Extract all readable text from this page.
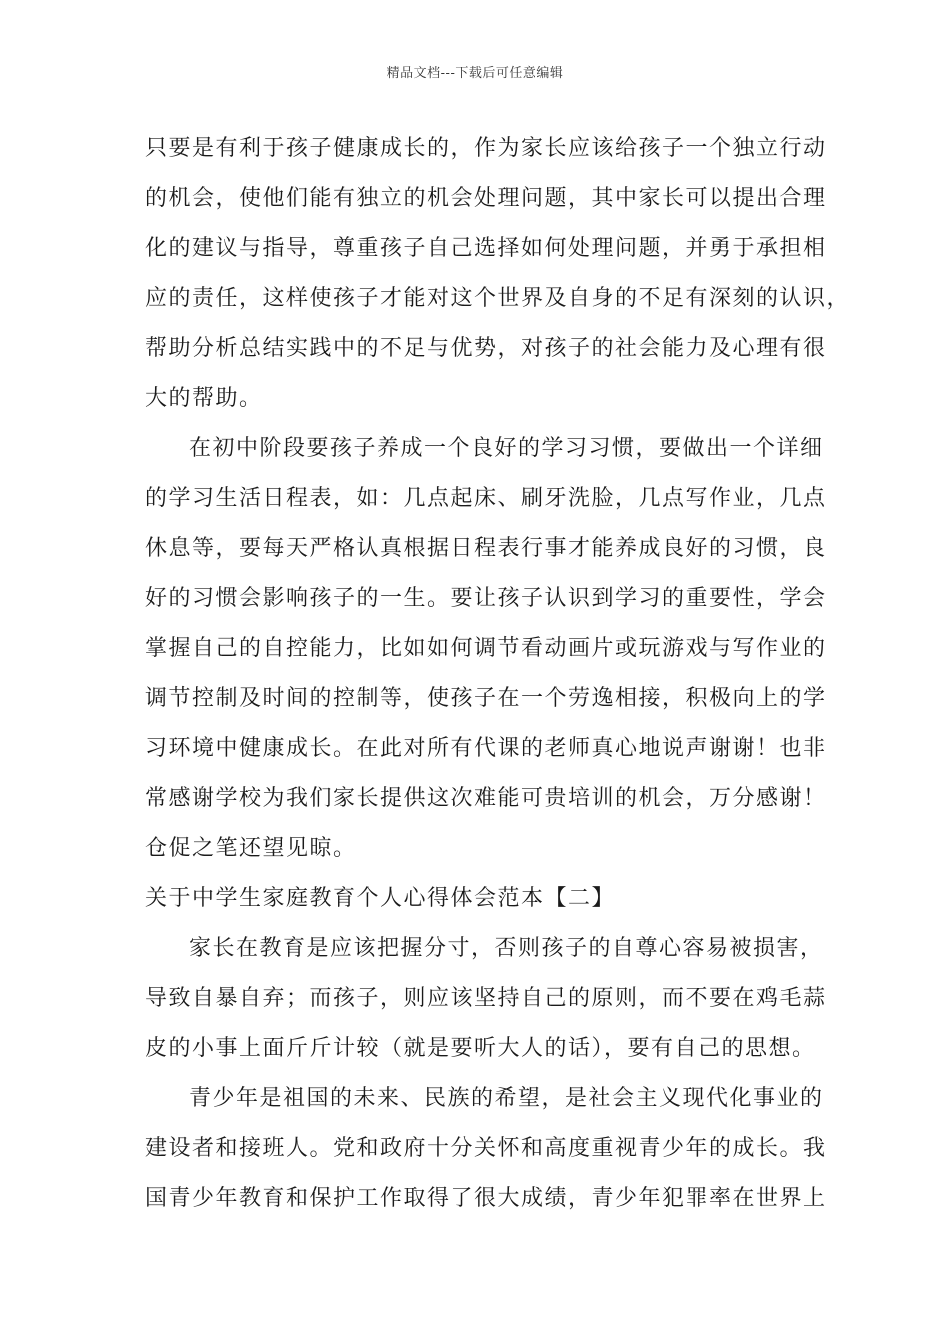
精品文档---下载后可任意编辑
只要是有利于孩子健康成长的，作为家长应该给孩子一个独立行动
的机会，使他们能有独立的机会处理问题，其中家长可以提出合理
化的建议与指导，尊重孩子自己选择如何处理问题，并勇于承担相
应的责任，这样使孩子才能对这个世界及自身的不足有深刻的认识，
帮助分析总结实践中的不足与优势，对孩子的社会能力及心理有很
大的帮助。
在初中阶段要孩子养成一个良好的学习习惯，要做出一个详细
的学习生活日程表，如：几点起床、刷牙洗脸，几点写作业，几点
休息等，要每天严格认真根据日程表行事才能养成良好的习惯，良
好的习惯会影响孩子的一生。要让孩子认识到学习的重要性，学会
掌握自己的自控能力，比如如何调节看动画片或玩游戏与写作业的
调节控制及时间的控制等，使孩子在一个劳逸相接，积极向上的学
习环境中健康成长。在此对所有代课的老师真心地说声谢谢！也非
常感谢学校为我们家长提供这次难能可贵培训的机会，万分感谢！
仓促之笔还望见晾。
关于中学生家庭教育个人心得体会范本【二】
家长在教育是应该把握分寸，否则孩子的自尊心容易被损害，
导致自暴自弃；而孩子，则应该坚持自己的原则，而不要在鸡毛蒜
皮的小事上面斤斤计较（就是要听大人的话），要有自己的思想。
青少年是祖国的未来、民族的希望，是社会主义现代化事业的
建设者和接班人。党和政府十分关怀和高度重视青少年的成长。我
国青少年教育和保护工作取得了很大成绩，青少年犯罪率在世界上
